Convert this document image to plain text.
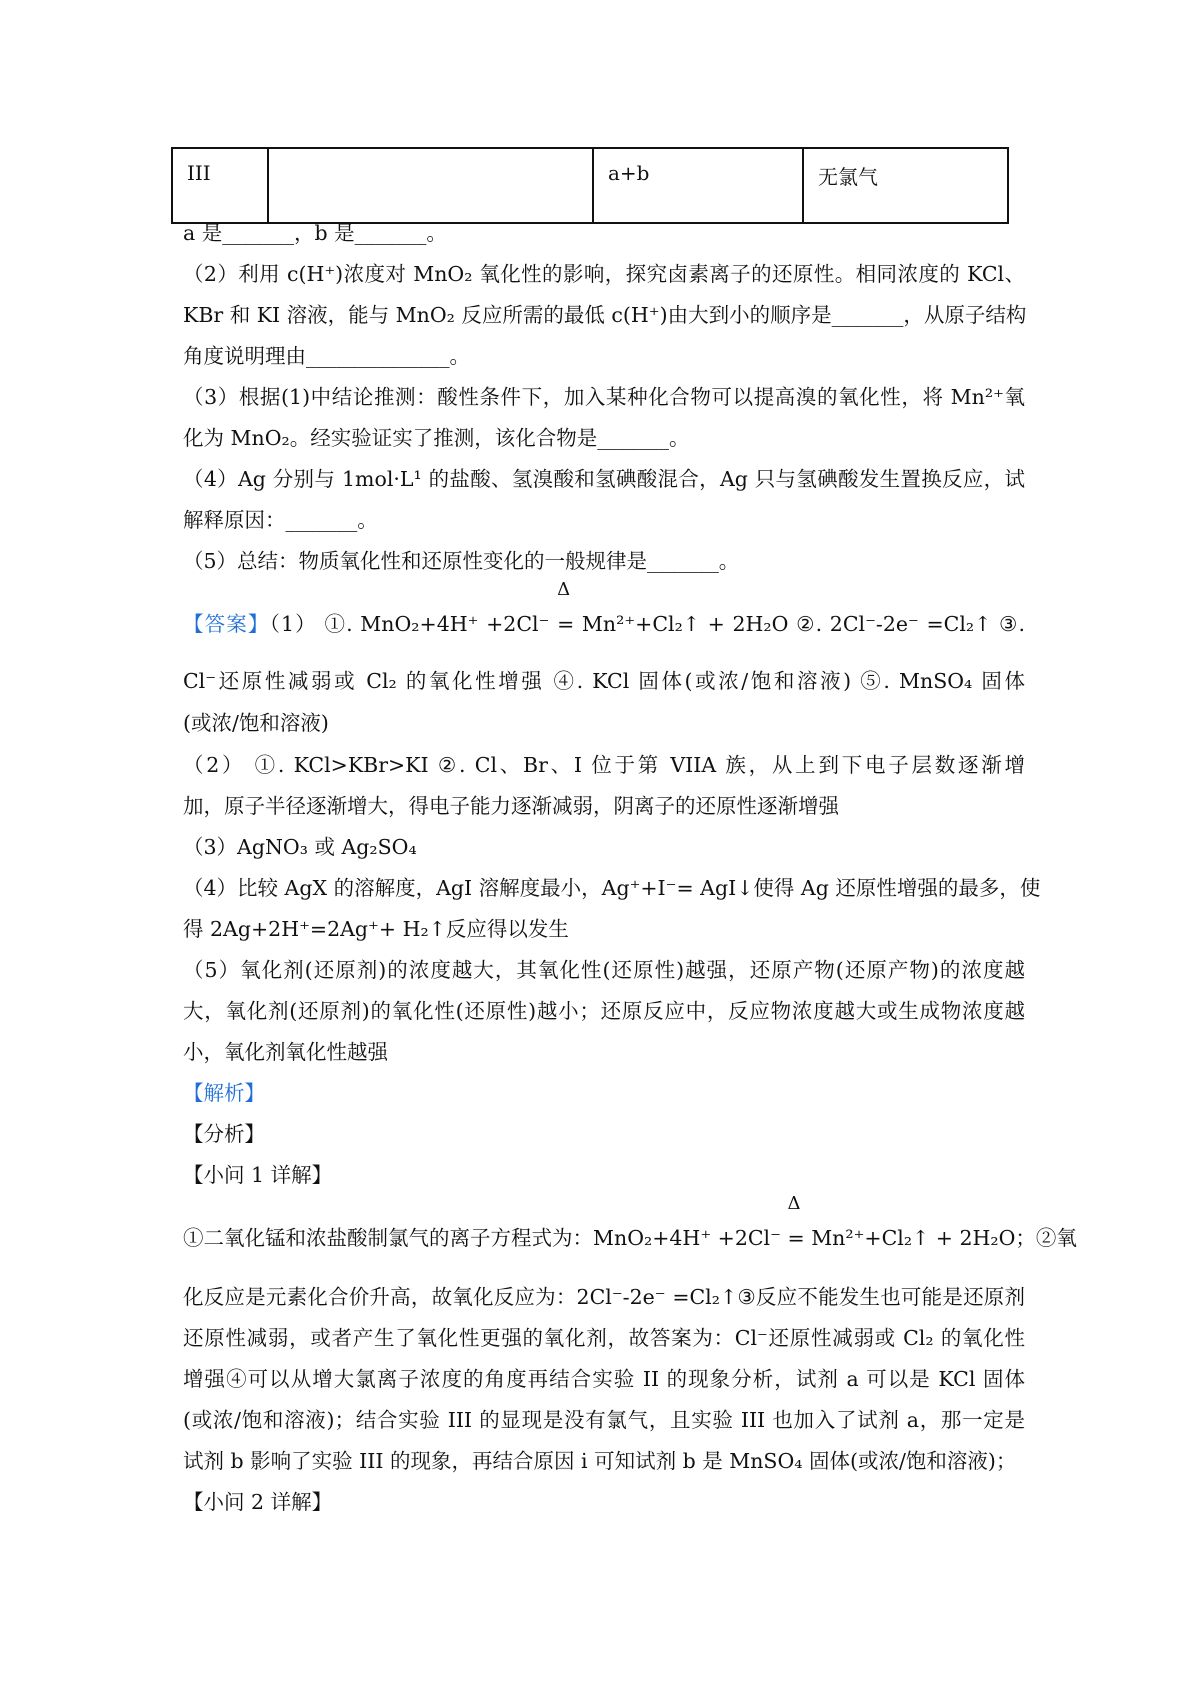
III		a+b	无氯气
a 是_______，b 是_______。
（2）利用 c(H⁺)浓度对 MnO₂ 氧化性的影响，探究卤素离子的还原性。相同浓度的 KCl、
KBr 和 KI 溶液，能与 MnO₂ 反应所需的最低 c(H⁺)由大到小的顺序是_______，从原子结构
角度说明理由______________。
（3）根据(1)中结论推测：酸性条件下，加入某种化合物可以提高溴的氧化性，将 Mn²⁺氧
化为 MnO₂。经实验证实了推测，该化合物是_______。
（4）Ag 分别与 1mol·L¹ 的盐酸、氢溴酸和氢碘酸混合，Ag 只与氢碘酸发生置换反应，试
解释原因：_______。
（5）总结：物质氧化性和还原性变化的一般规律是_______。
【答案】（1） ①. MnO₂+4H⁺ +2Cl⁻
Δ
= Mn²⁺+Cl₂↑ + 2H₂O ②. 2Cl⁻-2e⁻ =Cl₂↑ ③.
Cl⁻还原性减弱或 Cl₂ 的氧化性增强 ④. KCl 固体(或浓/饱和溶液) ⑤. MnSO₄ 固体
(或浓/饱和溶液)
（2） ①. KCl>KBr>KI ②. Cl、Br、I 位于第 VIIA 族，从上到下电子层数逐渐增
加，原子半径逐渐增大，得电子能力逐渐减弱，阴离子的还原性逐渐增强
（3）AgNO₃ 或 Ag₂SO₄
（4）比较 AgX 的溶解度，AgI 溶解度最小，Ag⁺+I⁻= AgI↓使得 Ag 还原性增强的最多，使
得 2Ag+2H⁺=2Ag⁺+ H₂↑反应得以发生
（5）氧化剂(还原剂)的浓度越大，其氧化性(还原性)越强，还原产物(还原产物)的浓度越
大，氧化剂(还原剂)的氧化性(还原性)越小；还原反应中，反应物浓度越大或生成物浓度越
小，氧化剂氧化性越强
【解析】
【分析】
【小问 1 详解】
①二氧化锰和浓盐酸制氯气的离子方程式为：MnO₂+4H⁺ +2Cl⁻
Δ
= Mn²⁺+Cl₂↑ + 2H₂O；②氧
化反应是元素化合价升高，故氧化反应为：2Cl⁻-2e⁻ =Cl₂↑③反应不能发生也可能是还原剂
还原性减弱，或者产生了氧化性更强的氧化剂，故答案为：Cl⁻还原性减弱或 Cl₂ 的氧化性
增强④可以从增大氯离子浓度的角度再结合实验 II 的现象分析，试剂 a 可以是 KCl 固体
(或浓/饱和溶液)；结合实验 III 的显现是没有氯气，且实验 III 也加入了试剂 a，那一定是
试剂 b 影响了实验 III 的现象，再结合原因 i 可知试剂 b 是 MnSO₄ 固体(或浓/饱和溶液)；
【小问 2 详解】
